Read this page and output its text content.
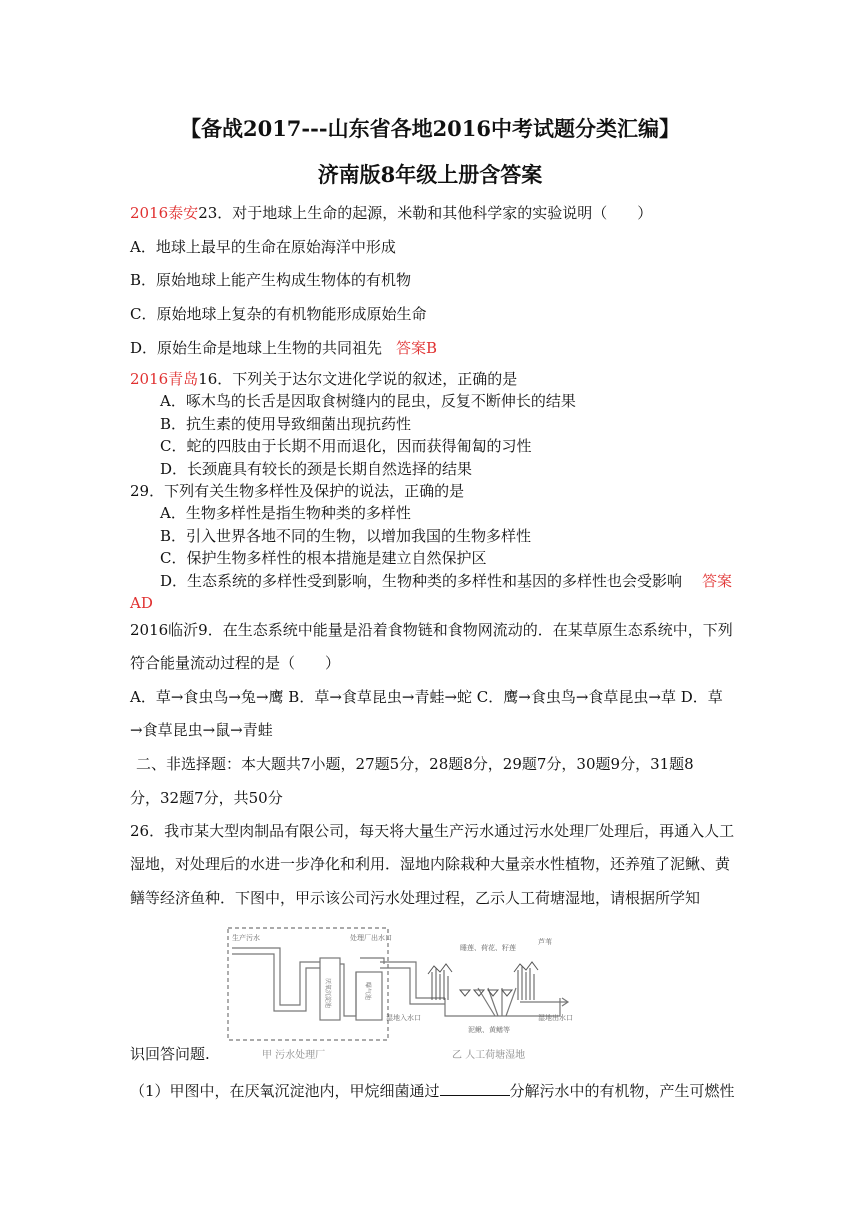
【备战2017---山东省各地2016中考试题分类汇编】
济南版8年级上册含答案
2016泰安23．对于地球上生命的起源，米勒和其他科学家的实验说明（　　）
A．地球上最早的生命在原始海洋中形成
B．原始地球上能产生构成生物体的有机物
C．原始地球上复杂的有机物能形成原始生命
D．原始生命是地球上生物的共同祖先 答案B
2016青岛16．下列关于达尔文进化学说的叙述，正确的是
A．啄木鸟的长舌是因取食树缝内的昆虫，反复不断伸长的结果
B．抗生素的使用导致细菌出现抗药性
C．蛇的四肢由于长期不用而退化，因而获得匍匐的习性
D．长颈鹿具有较长的颈是长期自然选择的结果
29．下列有关生物多样性及保护的说法，正确的是
A．生物多样性是指生物种类的多样性
B．引入世界各地不同的生物，以增加我国的生物多样性
C．保护生物多样性的根本措施是建立自然保护区
D．生态系统的多样性受到影响，生物种类的多样性和基因的多样性也会受影响 答案
AD
2016临沂9．在生态系统中能量是沿着食物链和食物网流动的．在某草原生态系统中，下列
符合能量流动过程的是（　　）
A．草→食虫鸟→兔→鹰 B．草→食草昆虫→青蛙→蛇 C．鹰→食虫鸟→食草昆虫→草 D．草
→食草昆虫→鼠→青蛙
二、非选择题：本大题共7小题，27题5分，28题8分，29题7分，30题9分，31题8
分，32题7分，共50分
26．我市某大型肉制品有限公司，每天将大量生产污水通过污水处理厂处理后，再通入人工
湿地，对处理后的水进一步净化和利用．湿地内除栽种大量亲水性植物，还养殖了泥鳅、黄
鳝等经济鱼种．下图中，甲示该公司污水处理过程，乙示人工荷塘湿地，请根据所学知
生产污水	处理厂出水口
厌氧沉淀池	曝气池
湿地入水口
睡莲、荷花、籽莲
芦苇
湿地出水口
泥鳅、黄鳝等
识回答问题.	甲 污水处理厂	乙 人工荷塘湿地
（1）甲图中，在厌氧沉淀池内，甲烷细菌通过	分解污水中的有机物，产生可燃性
